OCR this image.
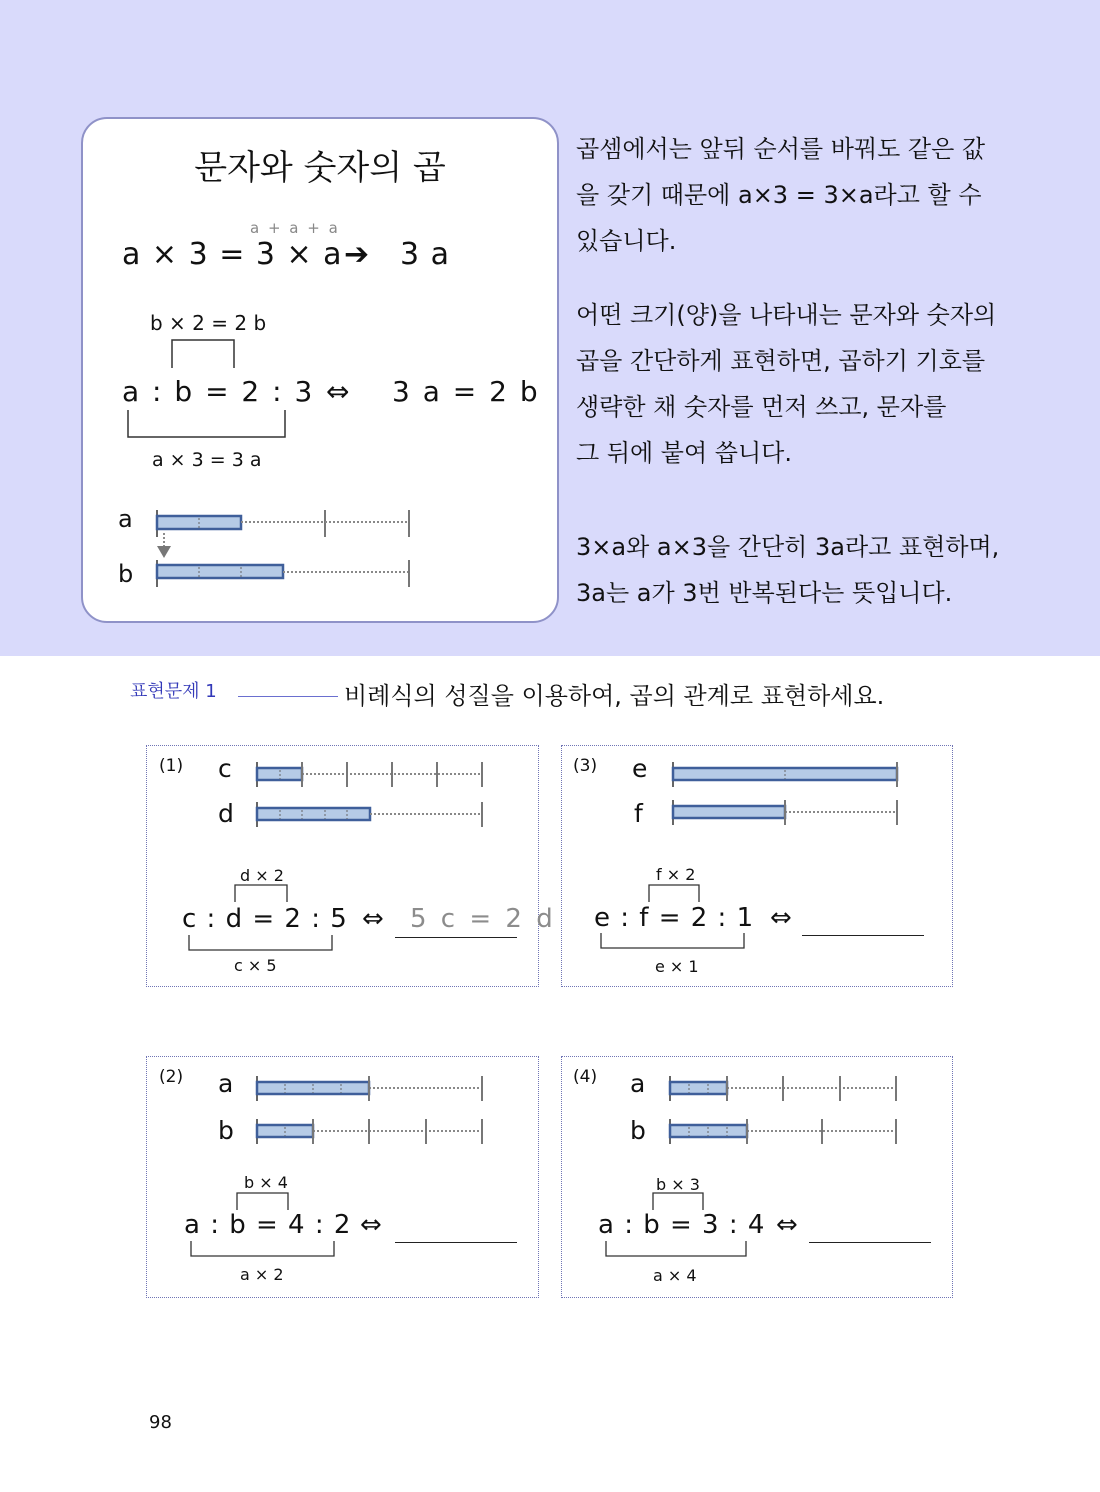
문자와 숫자의 곱
a + a + a
a × 3 = 3 × a ➔ 3 a
b × 2 = 2 b
a : b = 2 : 3 ⇔ 3 a = 2 b
a × 3 = 3 a
a
b

곱셈에서는 앞뒤 순서를 바꿔도 같은 값

을 갖기 때문에 a×3 = 3×a라고 할 수

있습니다.

어떤 크기(양)을 나타내는 문자와 숫자의

곱을 간단하게 표현하면, 곱하기 기호를

생략한 채 숫자를 먼저 쓰고, 문자를

그 뒤에 붙여 씁니다.

3×a와 a×3을 간단히 3a라고 표현하며,

3a는 a가 3번 반복된다는 뜻입니다.

표현문제 1	비례식의 성질을 이용하여, 곱의 관계로 표현하세요.
(1) c
d
d × 2
c : d = 2 : 5 ⇔ 5 c = 2 d
c × 5
(3) e
f
f × 2
e : f = 2 : 1 ⇔
e × 1
(2) a
b
b × 4
a : b = 4 : 2 ⇔
a × 2
(4) a
b
b × 3
a : b = 3 : 4 ⇔
a × 4
98
